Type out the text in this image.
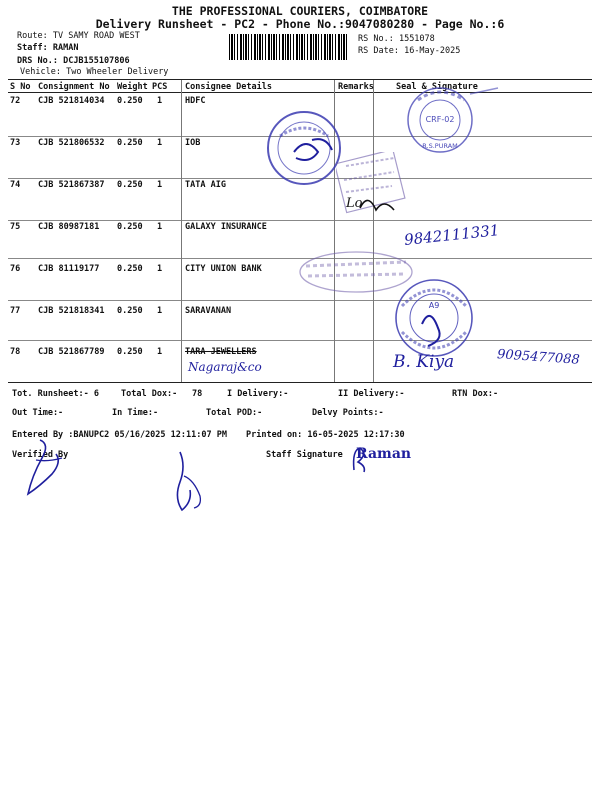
THE PROFESSIONAL COURIERS, COIMBATORE
Delivery Runsheet - PC2 - Phone No.:9047080280 - Page No.:6
Route: TV SAMY ROAD WEST
Staff: RAMAN
DRS No.: DCJB155107806
Vehicle: Two Wheeler Delivery
RS No.: 1551078
RS Date: 16-May-2025
S No Consignment No Weight PCS Consignee Details	Remarks	Seal & Signature
72 CJB 521814034 0.250 1	HDFC
73 CJB 521806532 0.250 1	IOB
74 CJB 521867387 0.250 1	TATA AIG
75 CJB 80987181 0.250 1	GALAXY INSURANCE
76 CJB 81119177 0.250 1	CITY UNION BANK
77 CJB 521818341 0.250 1	SARAVANAN
78 CJB 521867789 0.250 1	TARA JEWELLERS
CRF-02
R.S.PURAM
A9
Lo
9842111331
Nagaraj&co	B. Kiya	9095477088
Tot. Runsheet:- 6	Total Dox:- 78	I Delivery:-	II Delivery:-	RTN Dox:-
Out Time:-	In Time:-	Total POD:-	Delvy Points:-
Entered By :BANUPC2 05/16/2025 12:11:07 PM Printed on: 16-05-2025 12:17:30
Verified By	Staff Signature Raman
